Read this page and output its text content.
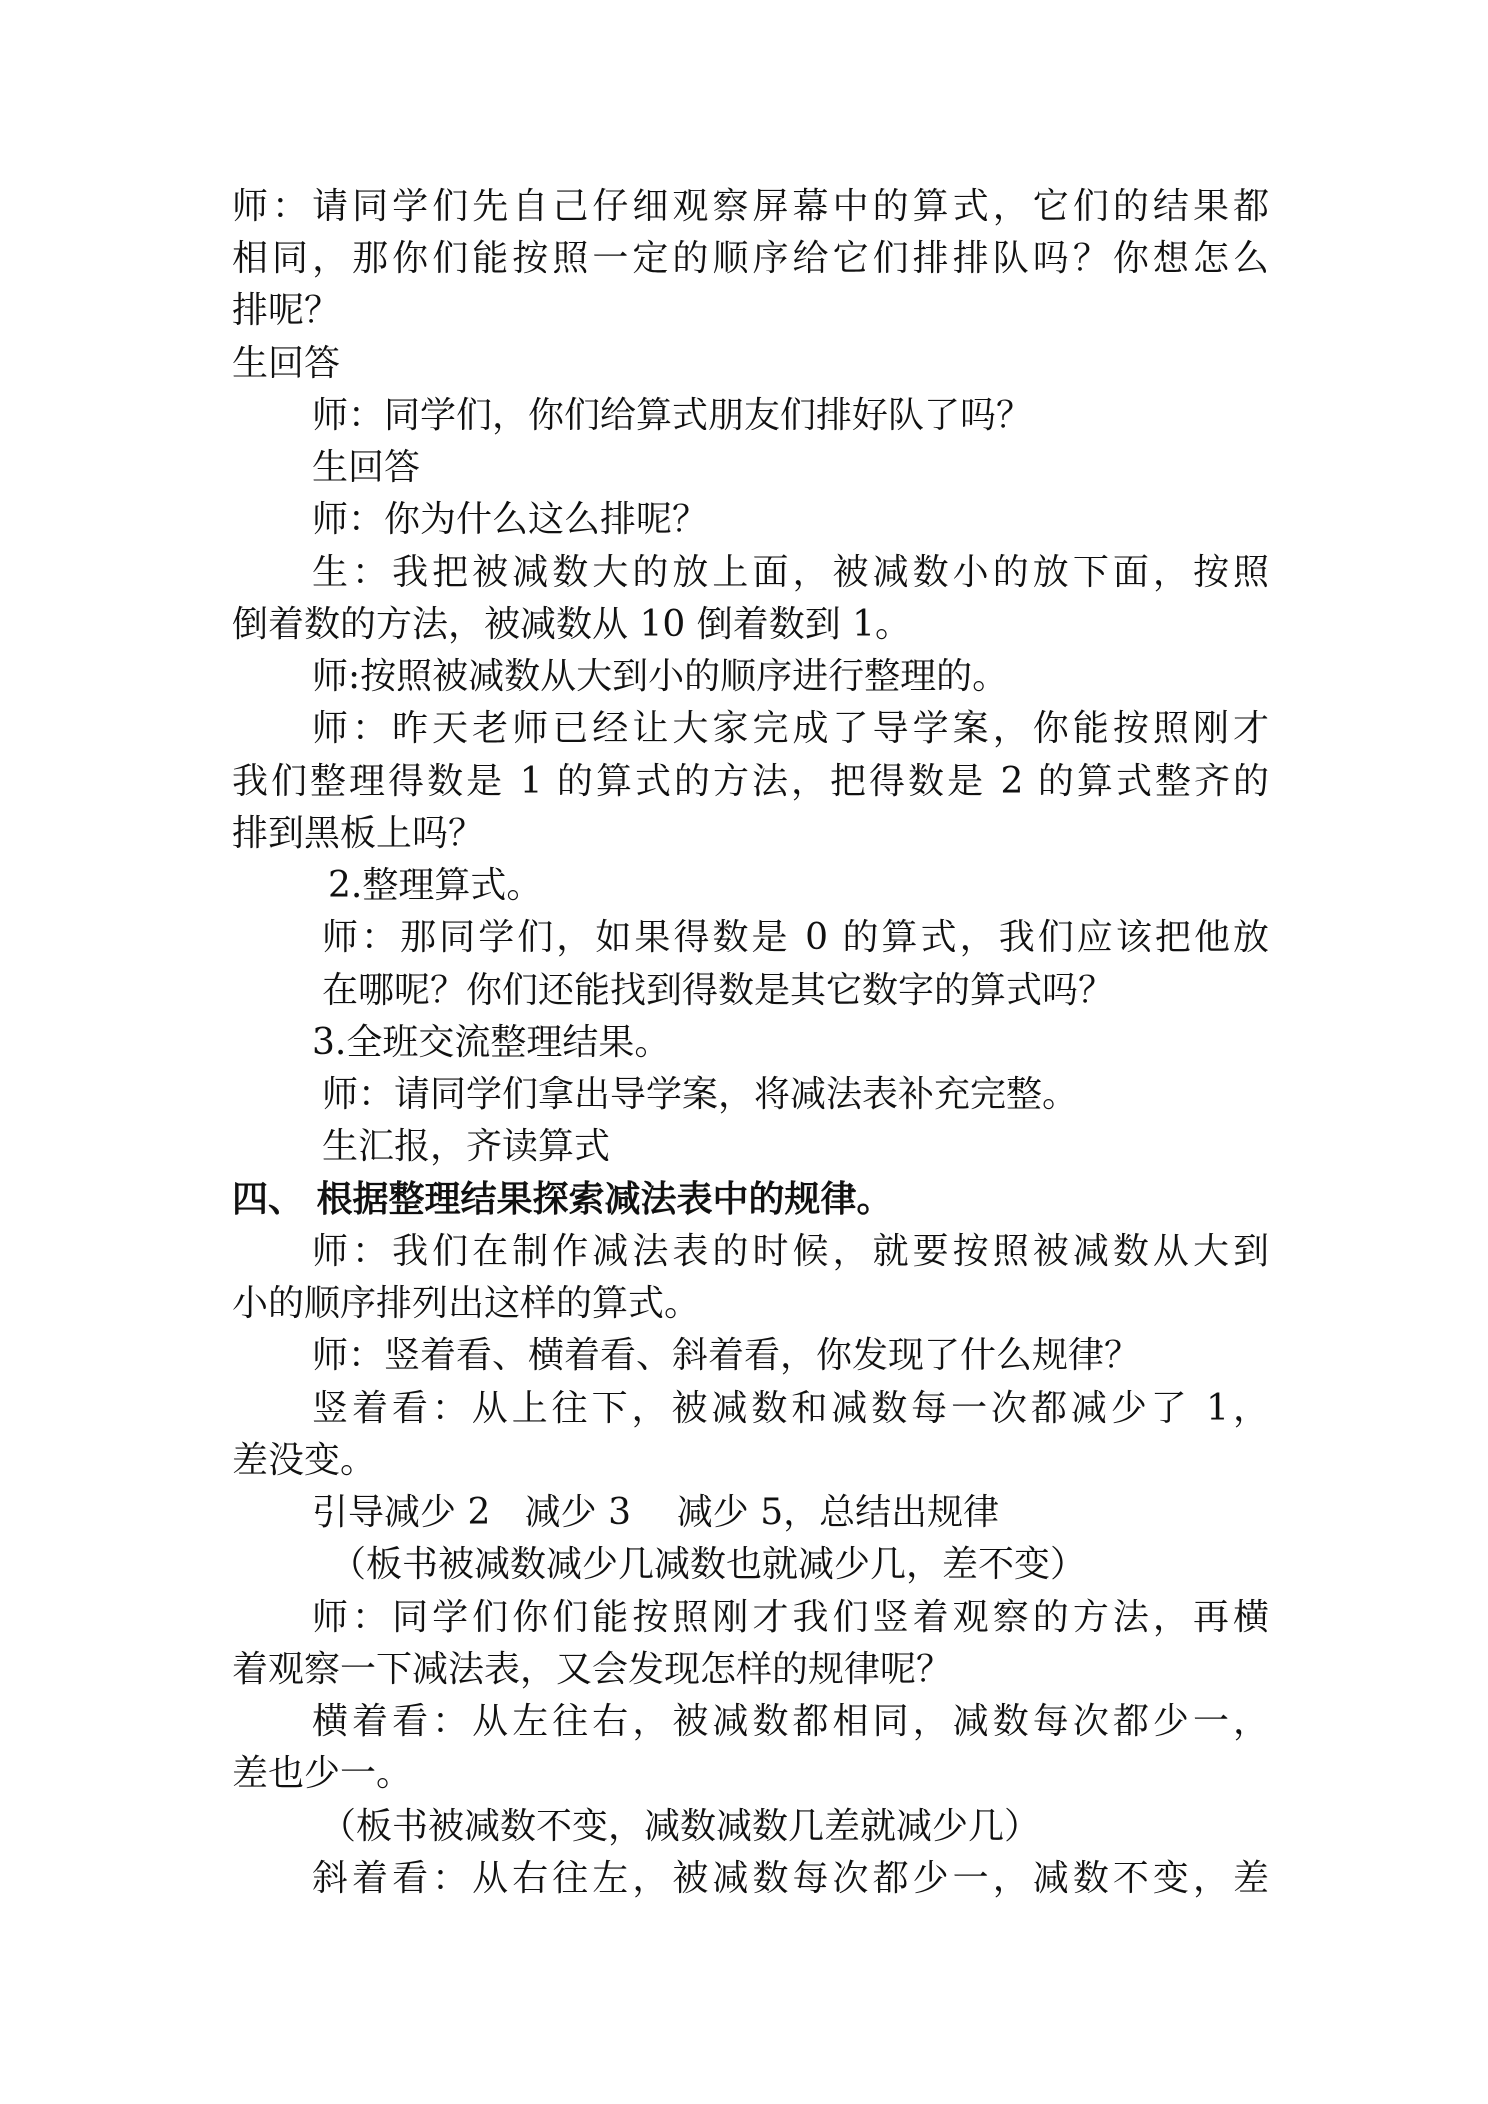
师：请同学们先自己仔细观察屏幕中的算式，它们的结果都
相同，那你们能按照一定的顺序给它们排排队吗？你想怎么
排呢？
生回答
师：同学们，你们给算式朋友们排好队了吗？
生回答
师：你为什么这么排呢？
生：我把被减数大的放上面，被减数小的放下面，按照
倒着数的方法，被减数从 10 倒着数到 1。
师:按照被减数从大到小的顺序进行整理的。
师：昨天老师已经让大家完成了导学案，你能按照刚才
我们整理得数是 1 的算式的方法，把得数是 2 的算式整齐的
排到黑板上吗？
2.整理算式。
师：那同学们，如果得数是 0 的算式，我们应该把他放
在哪呢？你们还能找到得数是其它数字的算式吗？
3.全班交流整理结果。
师：请同学们拿出导学案，将减法表补充完整。
生汇报，齐读算式
四、 根据整理结果探索减法表中的规律。
师：我们在制作减法表的时候，就要按照被减数从大到
小的顺序排列出这样的算式。
师：竖着看、横着看、斜着看，你发现了什么规律？
竖着看：从上往下，被减数和减数每一次都减少了 1，
差没变。
引导减少 2   减少 3    减少 5，总结出规律
（板书被减数减少几减数也就减少几，差不变）
师：同学们你们能按照刚才我们竖着观察的方法，再横
着观察一下减法表，又会发现怎样的规律呢？
横着看：从左往右，被减数都相同，减数每次都少一，
差也少一。
（板书被减数不变，减数减数几差就减少几）
斜着看：从右往左，被减数每次都少一，减数不变，差
